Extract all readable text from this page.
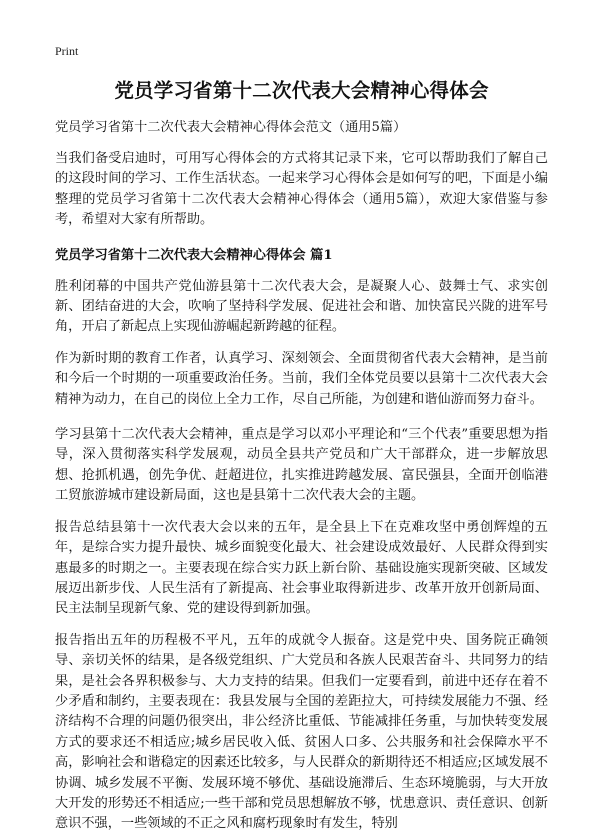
Print
党员学习省第十二次代表大会精神心得体会

党员学习省第十二次代表大会精神心得体会范文（通用5篇）

当我们备受启迪时，可用写心得体会的方式将其记录下来，它可以帮助我们了解自己的这段时间的学习、工作生活状态。一起来学习心得体会是如何写的吧，下面是小编整理的党员学习省第十二次代表大会精神心得体会（通用5篇），欢迎大家借鉴与参考，希望对大家有所帮助。

党员学习省第十二次代表大会精神心得体会 篇1

胜利闭幕的中国共产党仙游县第十二次代表大会，是凝聚人心、鼓舞士气、求实创新、团结奋进的大会，吹响了坚持科学发展、促进社会和谐、加快富民兴陇的进军号角，开启了新起点上实现仙游崛起新跨越的征程。

作为新时期的教育工作者，认真学习、深刻领会、全面贯彻省代表大会精神，是当前和今后一个时期的一项重要政治任务。当前，我们全体党员要以县第十二次代表大会精神为动力，在自己的岗位上全力工作，尽自己所能，为创建和谐仙游而努力奋斗。

学习县第十二次代表大会精神，重点是学习以邓小平理论和“三个代表”重要思想为指导，深入贯彻落实科学发展观，动员全县共产党员和广大干部群众，进一步解放思想、抢抓机遇，创先争优、赶超进位，扎实推进跨越发展、富民强县，全面开创临港工贸旅游城市建设新局面，这也是县第十二次代表大会的主题。

报告总结县第十一次代表大会以来的五年，是全县上下在克难攻坚中勇创辉煌的五年，是综合实力提升最快、城乡面貌变化最大、社会建设成效最好、人民群众得到实惠最多的时期之一。主要表现在综合实力跃上新台阶、基础设施实现新突破、区域发展迈出新步伐、人民生活有了新提高、社会事业取得新进步、改革开放开创新局面、民主法制呈现新气象、党的建设得到新加强。

报告指出五年的历程极不平凡，五年的成就令人振奋。这是党中央、国务院正确领导、亲切关怀的结果，是各级党组织、广大党员和各族人民艰苦奋斗、共同努力的结果，是社会各界积极参与、大力支持的结果。但我们一定要看到，前进中还存在着不少矛盾和制约，主要表现在：我县发展与全国的差距拉大，可持续发展能力不强、经济结构不合理的问题仍很突出，非公经济比重低、节能减排任务重，与加快转变发展方式的要求还不相适应;城乡居民收入低、贫困人口多、公共服务和社会保障水平不高，影响社会和谐稳定的因素还比较多，与人民群众的新期待还不相适应;区域发展不协调、城乡发展不平衡、发展环境不够优、基础设施滞后、生态环境脆弱，与大开放大开发的形势还不相适应;一些干部和党员思想解放不够，忧患意识、责任意识、创新意识不强，一些领域的不正之风和腐朽现象时有发生，特别
